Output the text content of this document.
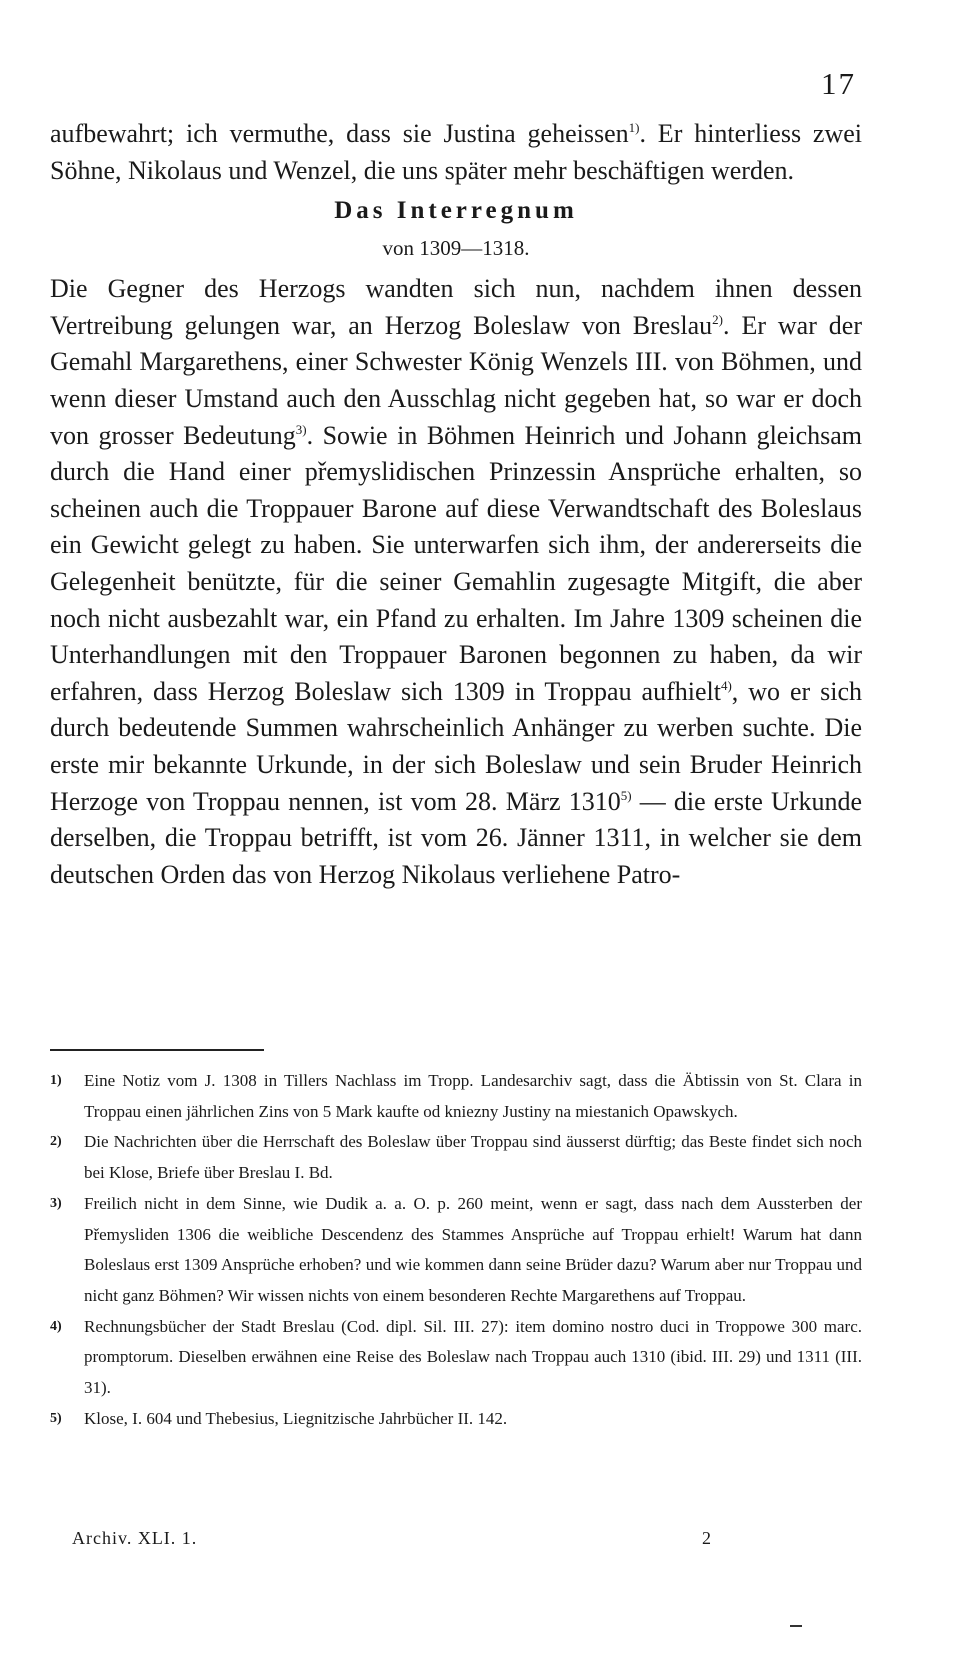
17

aufbewahrt; ich vermuthe, dass sie Justina geheissen$^{1)}$. Er hinterliess zwei Söhne, Nikolaus und Wenzel, die uns später mehr beschäftigen werden.

Das Interregnum
von 1309—1318.

Die Gegner des Herzogs wandten sich nun, nachdem ihnen dessen Vertreibung gelungen war, an Herzog Boleslaw von Breslau$^{2)}$. Er war der Gemahl Margarethens, einer Schwester König Wenzels III. von Böhmen, und wenn dieser Umstand auch den Ausschlag nicht gegeben hat, so war er doch von grosser Bedeutung$^{3)}$. Sowie in Böhmen Heinrich und Johann gleichsam durch die Hand einer přemyslidischen Prinzessin Ansprüche erhalten, so scheinen auch die Troppauer Barone auf diese Verwandtschaft des Boleslaus ein Gewicht gelegt zu haben. Sie unterwarfen sich ihm, der andererseits die Gelegenheit benützte, für die seiner Gemahlin zugesagte Mitgift, die aber noch nicht ausbezahlt war, ein Pfand zu erhalten. Im Jahre 1309 scheinen die Unterhandlungen mit den Troppauer Baronen begonnen zu haben, da wir erfahren, dass Herzog Boleslaw sich 1309 in Troppau aufhielt$^{4)}$, wo er sich durch bedeutende Summen wahrscheinlich Anhänger zu werben suchte. Die erste mir bekannte Urkunde, in der sich Boleslaw und sein Bruder Heinrich Herzoge von Troppau nennen, ist vom 28. März 1310$^{5)}$ — die erste Urkunde derselben, die Troppau betrifft, ist vom 26. Jänner 1311, in welcher sie dem deutschen Orden das von Herzog Nikolaus verliehene Patro-

1)	Eine Notiz vom J. 1308 in Tillers Nachlass im Tropp. Landesarchiv sagt, dass die Äbtissin von St. Clara in Troppau einen jährlichen Zins von 5 Mark kaufte od kniezny Justiny na miestanich Opawskych.
2)	Die Nachrichten über die Herrschaft des Boleslaw über Troppau sind äusserst dürftig; das Beste findet sich noch bei Klose, Briefe über Breslau I. Bd.
3)	Freilich nicht in dem Sinne, wie Dudik a. a. O. p. 260 meint, wenn er sagt, dass nach dem Aussterben der Přemysliden 1306 die weibliche Descendenz des Stammes Ansprüche auf Troppau erhielt! Warum hat dann Boleslaus erst 1309 Ansprüche erhoben? und wie kommen dann seine Brüder dazu? Warum aber nur Troppau und nicht ganz Böhmen? Wir wissen nichts von einem besonderen Rechte Margarethens auf Troppau.
4)	Rechnungsbücher der Stadt Breslau (Cod. dipl. Sil. III. 27): item domino nostro duci in Troppowe 300 marc. promptorum. Dieselben erwähnen eine Reise des Boleslaw nach Troppau auch 1310 (ibid. III. 29) und 1311 (III. 31).
5)	Klose, I. 604 und Thebesius, Liegnitzische Jahrbücher II. 142.
Archiv. XLI. 1.	2
